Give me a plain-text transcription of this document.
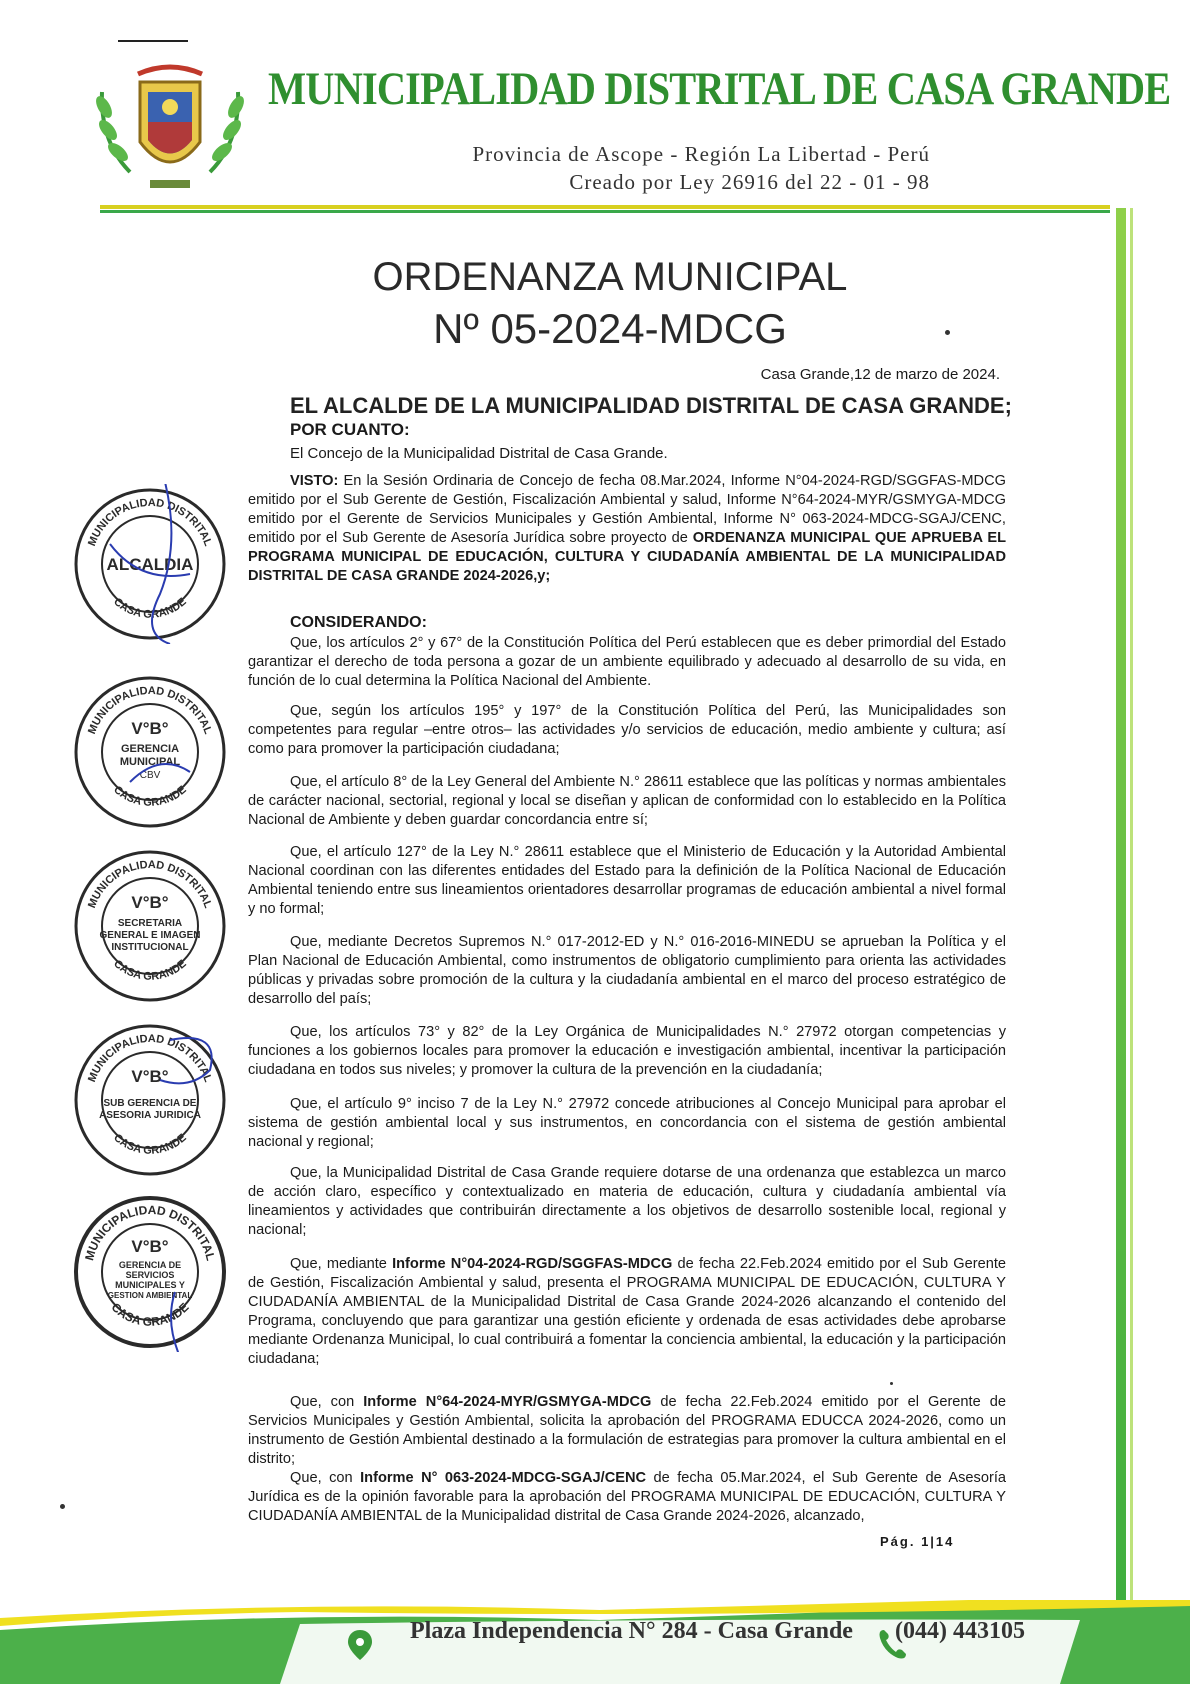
MUNICIPALIDAD DISTRITAL DE CASA GRANDE
Provincia de Ascope - Región La Libertad - Perú
Creado por Ley 26916 del 22 - 01 - 98
ORDENANZA MUNICIPAL
Nº 05-2024-MDCG
Casa Grande,12 de marzo de 2024.
EL ALCALDE DE LA MUNICIPALIDAD DISTRITAL DE CASA GRANDE;
POR CUANTO:
El Concejo de la Municipalidad Distrital de Casa Grande.
VISTO: En la Sesión Ordinaria de Concejo de fecha 08.Mar.2024, Informe N°04-2024-RGD/SGGFAS-MDCG emitido por el Sub Gerente de Gestión, Fiscalización Ambiental y salud, Informe N°64-2024-MYR/GSMYGA-MDCG emitido por el Gerente de Servicios Municipales y Gestión Ambiental, Informe N° 063-2024-MDCG-SGAJ/CENC, emitido por el Sub Gerente de Asesoría Jurídica sobre proyecto de ORDENANZA MUNICIPAL QUE APRUEBA EL PROGRAMA MUNICIPAL DE EDUCACIÓN, CULTURA Y CIUDADANÍA AMBIENTAL DE LA MUNICIPALIDAD DISTRITAL DE CASA GRANDE 2024-2026,y;
CONSIDERANDO:
Que, los artículos 2° y 67° de la Constitución Política del Perú establecen que es deber primordial del Estado garantizar el derecho de toda persona a gozar de un ambiente equilibrado y adecuado al desarrollo de su vida, en función de lo cual determina la Política Nacional del Ambiente.
Que, según los artículos 195° y 197° de la Constitución Política del Perú, las Municipalidades son competentes para regular –entre otros– las actividades y/o servicios de educación, medio ambiente y cultura; así como para promover la participación ciudadana;
Que, el artículo 8° de la Ley General del Ambiente N.° 28611 establece que las políticas y normas ambientales de carácter nacional, sectorial, regional y local se diseñan y aplican de conformidad con lo establecido en la Política Nacional de Ambiente y deben guardar concordancia entre sí;
Que, el artículo 127° de la Ley N.° 28611 establece que el Ministerio de Educación y la Autoridad Ambiental Nacional coordinan con las diferentes entidades del Estado para la definición de la Política Nacional de Educación Ambiental teniendo entre sus lineamientos orientadores desarrollar programas de educación ambiental a nivel formal y no formal;
Que, mediante Decretos Supremos N.° 017-2012-ED y N.° 016-2016-MINEDU se aprueban la Política y el Plan Nacional de Educación Ambiental, como instrumentos de obligatorio cumplimiento para orienta las actividades públicas y privadas sobre promoción de la cultura y la ciudadanía ambiental en el marco del proceso estratégico de desarrollo del país;
Que, los artículos 73° y 82° de la Ley Orgánica de Municipalidades N.° 27972 otorgan competencias y funciones a los gobiernos locales para promover la educación e investigación ambiental, incentivar la participación ciudadana en todos sus niveles; y promover la cultura de la prevención en la ciudadanía;
Que, el artículo 9° inciso 7 de la Ley N.° 27972 concede atribuciones al Concejo Municipal para aprobar el sistema de gestión ambiental local y sus instrumentos, en concordancia con el sistema de gestión ambiental nacional y regional;
Que, la Municipalidad Distrital de Casa Grande requiere dotarse de una ordenanza que establezca un marco de acción claro, específico y contextualizado en materia de educación, cultura y ciudadanía ambiental vía lineamientos y actividades que contribuirán directamente a los objetivos de desarrollo sostenible local, regional y nacional;
Que, mediante Informe N°04-2024-RGD/SGGFAS-MDCG de fecha 22.Feb.2024 emitido por el Sub Gerente de Gestión, Fiscalización Ambiental y salud, presenta el PROGRAMA MUNICIPAL DE EDUCACIÓN, CULTURA Y CIUDADANÍA AMBIENTAL de la Municipalidad Distrital de Casa Grande 2024-2026 alcanzando el contenido del Programa, concluyendo que para garantizar una gestión eficiente y ordenada de esas actividades debe aprobarse mediante Ordenanza Municipal, lo cual contribuirá a fomentar la conciencia ambiental, la educación y la participación ciudadana;
Que, con Informe N°64-2024-MYR/GSMYGA-MDCG de fecha 22.Feb.2024 emitido por el Gerente de Servicios Municipales y Gestión Ambiental, solicita la aprobación del PROGRAMA EDUCCA 2024-2026, como un instrumento de Gestión Ambiental destinado a la formulación de estrategias para promover la cultura ambiental en el distrito;
Que, con Informe N° 063-2024-MDCG-SGAJ/CENC de fecha 05.Mar.2024, el Sub Gerente de Asesoría Jurídica es de la opinión favorable para la aprobación del PROGRAMA MUNICIPAL DE EDUCACIÓN, CULTURA Y CIUDADANÍA AMBIENTAL de la Municipalidad distrital de Casa Grande 2024-2026, alcanzado,
Pág. 1|14
MUNICIPALIDAD DISTRITAL
ALCALDIA
CASA GRANDE
MUNICIPALIDAD DISTRITAL
V°B°
GERENCIA
MUNICIPAL
CBV
CASA GRANDE
MUNICIPALIDAD DISTRITAL
V°B°
SECRETARIA
GENERAL E IMAGEN
INSTITUCIONAL
CASA GRANDE
MUNICIPALIDAD DISTRITAL
V°B°
SUB GERENCIA DE
ASESORIA JURIDICA
CASA GRANDE
MUNICIPALIDAD DISTRITAL
V°B°
GERENCIA DE
SERVICIOS
MUNICIPALES Y
GESTION AMBIENTAL
CASA GRANDE
Plaza Independencia N° 284 - Casa Grande (044) 443105
